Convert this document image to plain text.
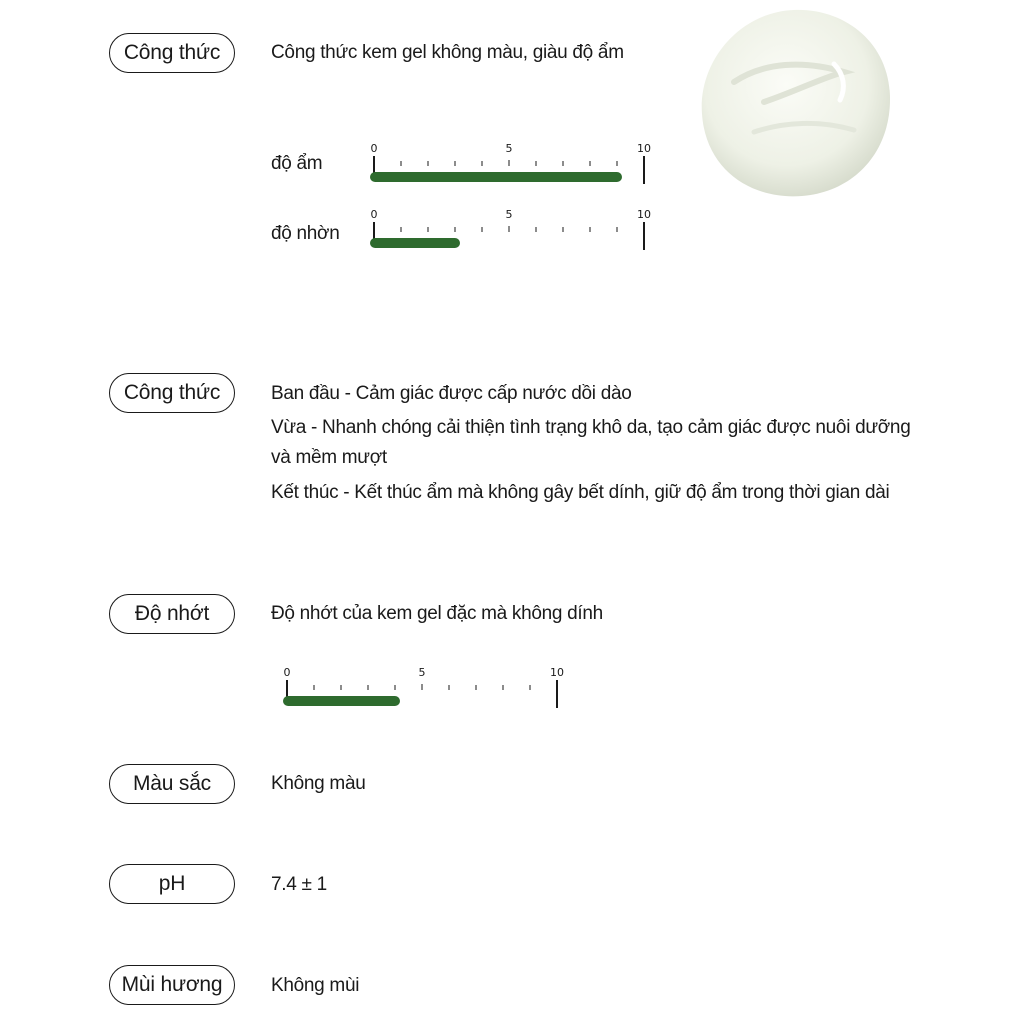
Công thức	Công thức kem gel không màu, giàu độ ẩm
độ ẩm
0	5	10
độ nhờn
0	5	10
Công thức	Ban đầu - Cảm giác được cấp nước dồi dào
Vừa - Nhanh chóng cải thiện tình trạng khô da, tạo cảm giác được nuôi dưỡng và mềm mượt
Kết thúc - Kết thúc ẩm mà không gây bết dính, giữ độ ẩm trong thời gian dài
Độ nhớt	Độ nhớt của kem gel đặc mà không dính
0	5	10
Màu sắc	Không màu
pH	7.4 ± 1
Mùi hương	Không mùi
